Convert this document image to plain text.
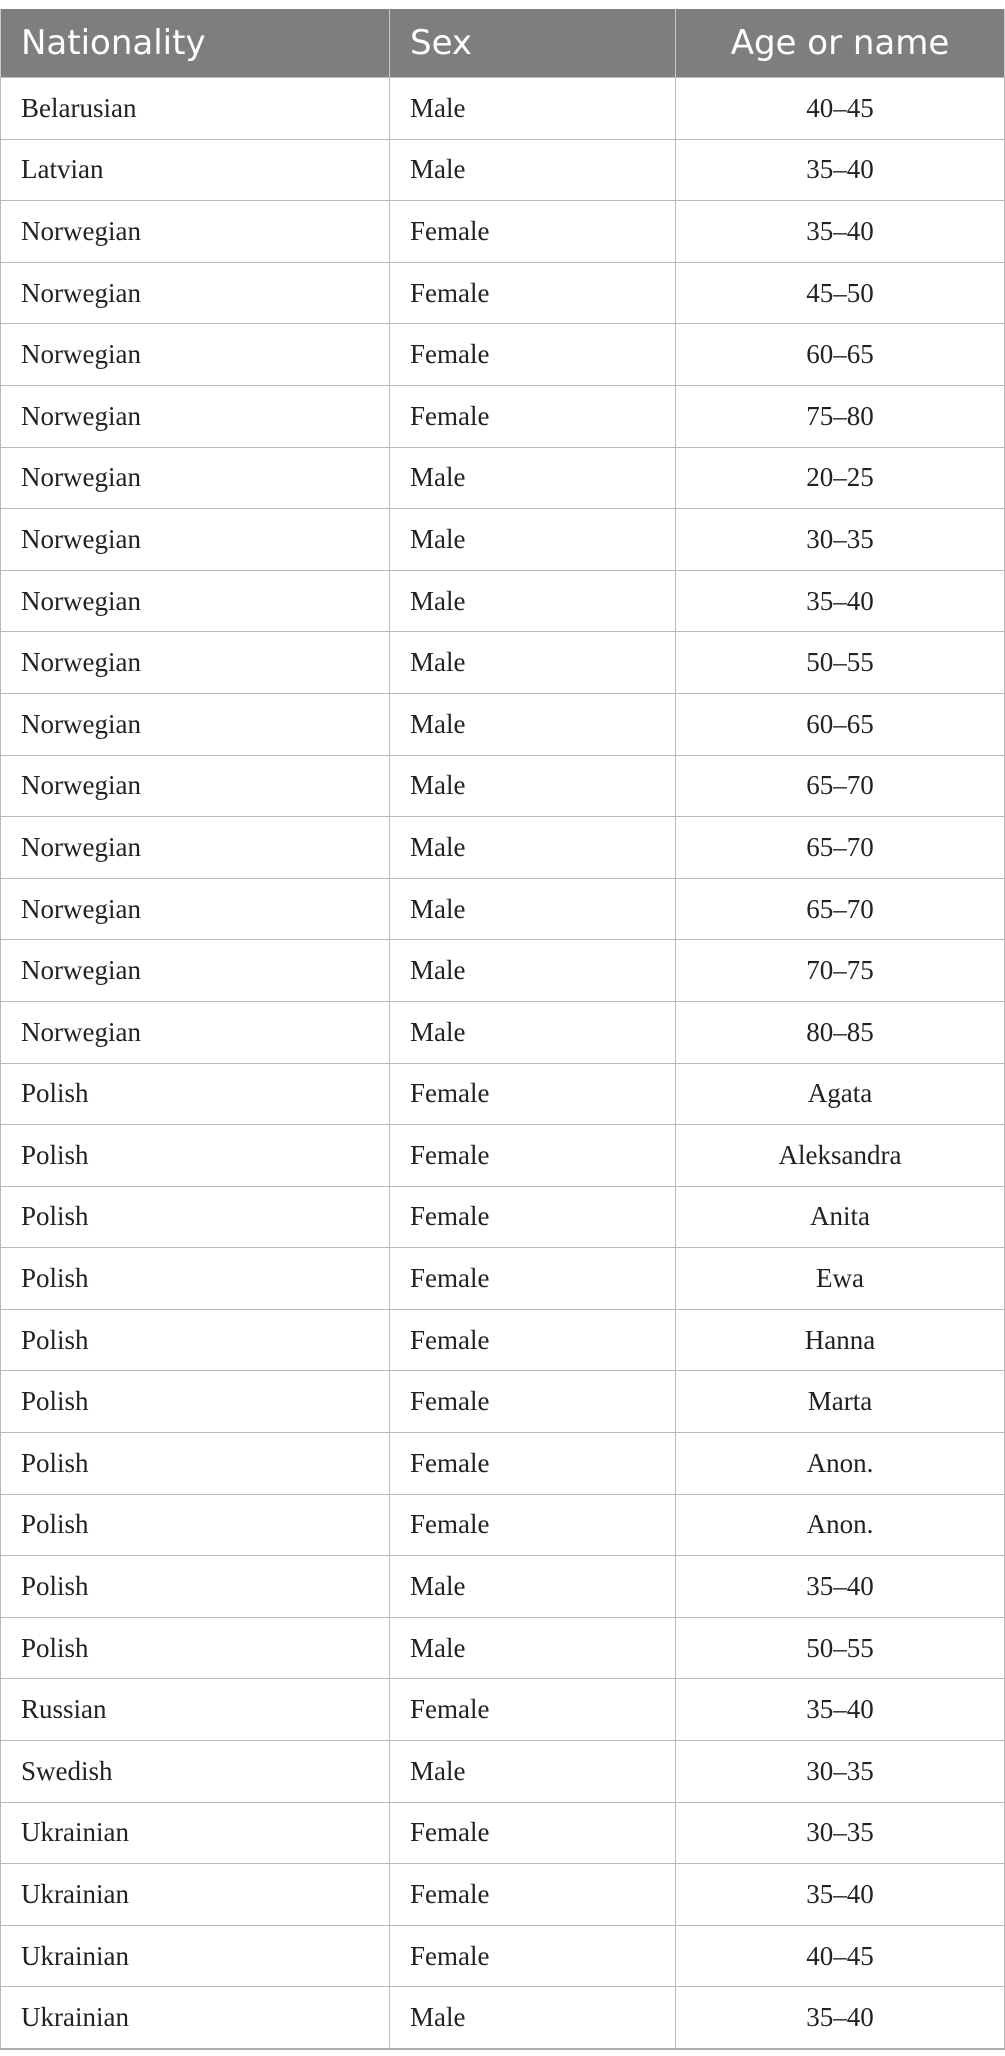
Nationality	Sex	Age or name
Belarusian	Male	40–45
Latvian	Male	35–40
Norwegian	Female	35–40
Norwegian	Female	45–50
Norwegian	Female	60–65
Norwegian	Female	75–80
Norwegian	Male	20–25
Norwegian	Male	30–35
Norwegian	Male	35–40
Norwegian	Male	50–55
Norwegian	Male	60–65
Norwegian	Male	65–70
Norwegian	Male	65–70
Norwegian	Male	65–70
Norwegian	Male	70–75
Norwegian	Male	80–85
Polish	Female	Agata
Polish	Female	Aleksandra
Polish	Female	Anita
Polish	Female	Ewa
Polish	Female	Hanna
Polish	Female	Marta
Polish	Female	Anon.
Polish	Female	Anon.
Polish	Male	35–40
Polish	Male	50–55
Russian	Female	35–40
Swedish	Male	30–35
Ukrainian	Female	30–35
Ukrainian	Female	35–40
Ukrainian	Female	40–45
Ukrainian	Male	35–40
